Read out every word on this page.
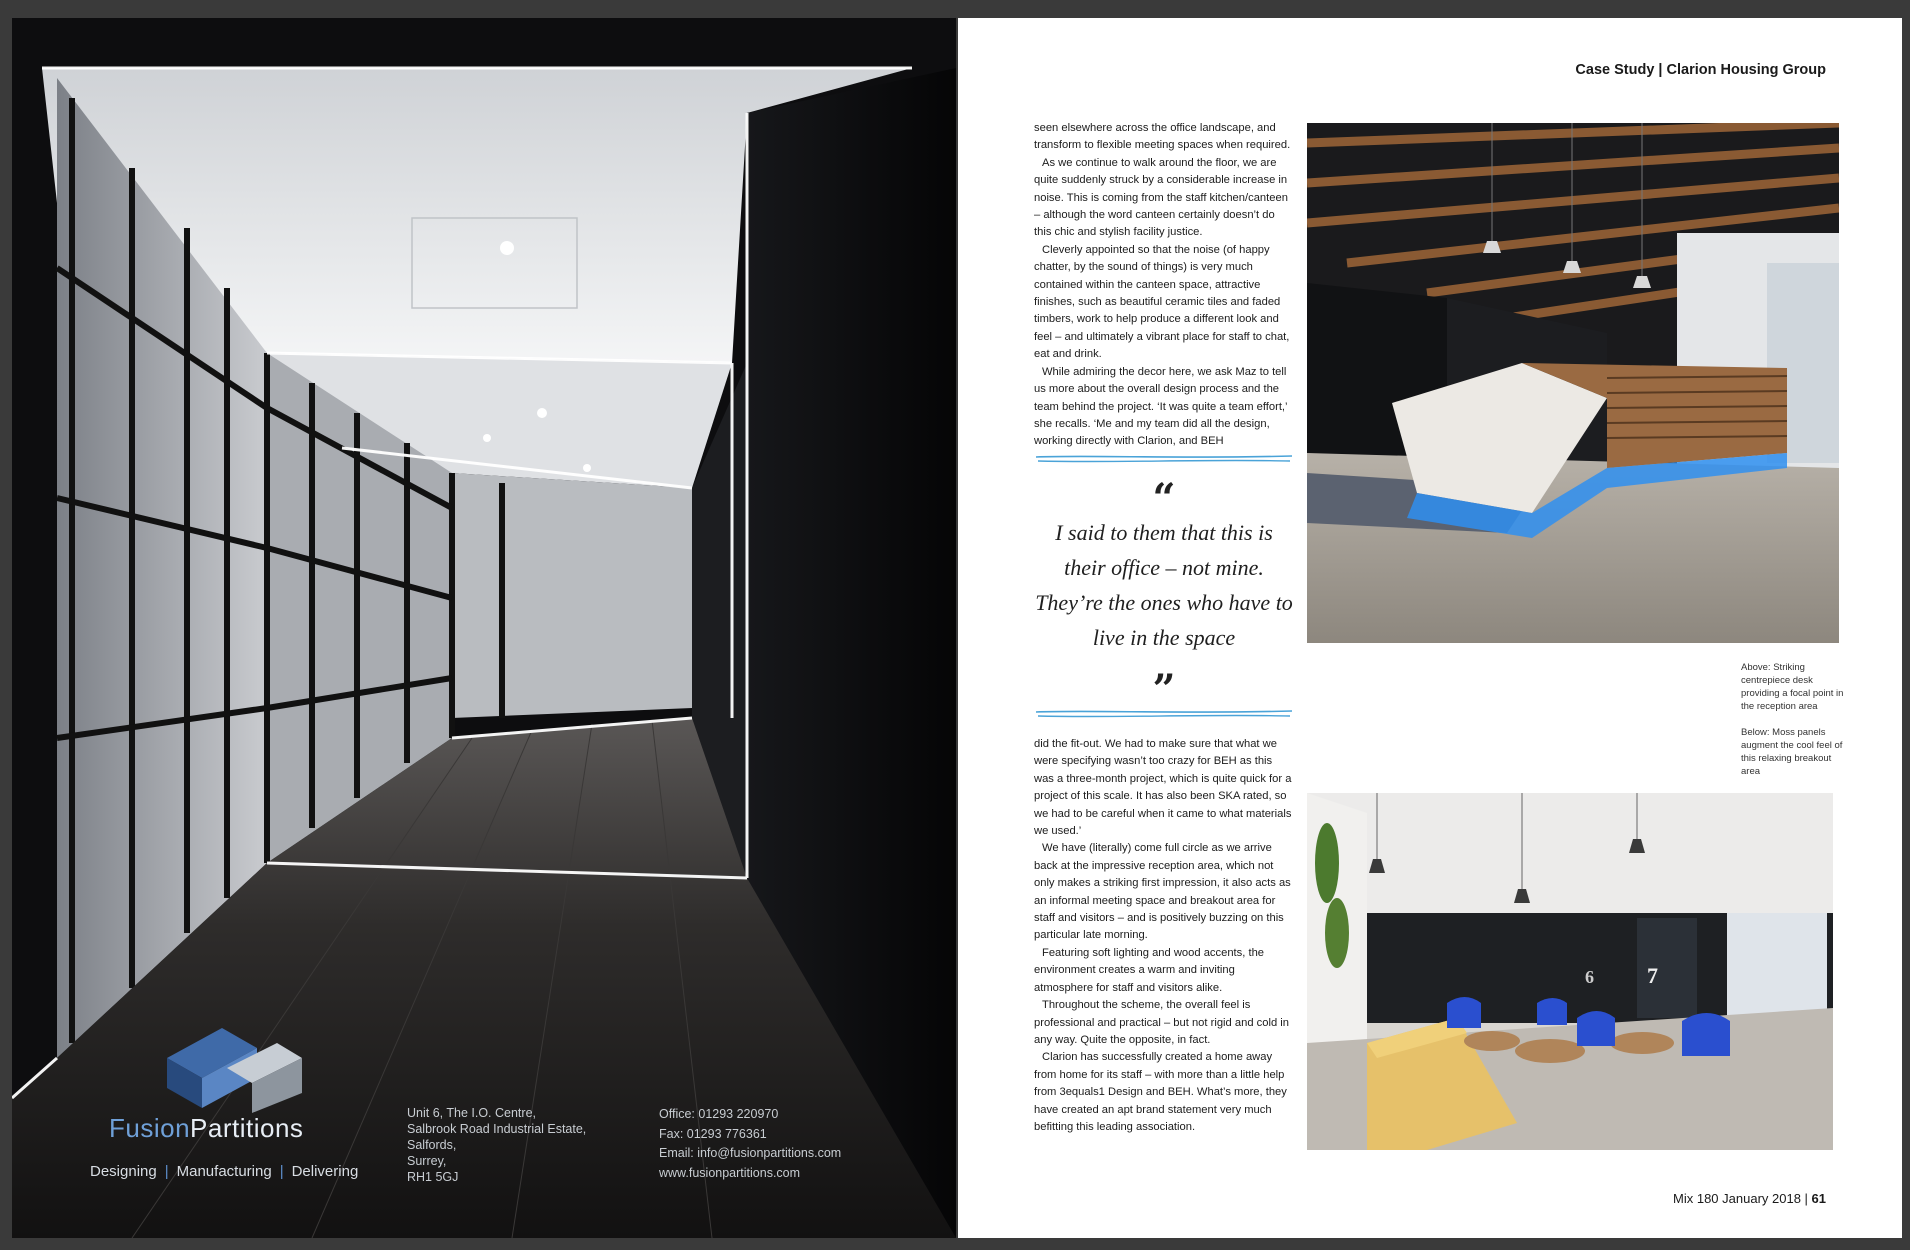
FusionPartitions
Designing | Manufacturing | Delivering
Unit 6, The I.O. Centre,
Salbrook Road Industrial Estate,
Salfords,
Surrey,
RH1 5GJ
Office: 01293 220970
Fax: 01293 776361
Email: info@fusionpartitions.com
www.fusionpartitions.com
Case Study | Clarion Housing Group

seen elsewhere across the office landscape, and transform to flexible meeting spaces when required.

As we continue to walk around the floor, we are quite suddenly struck by a considerable increase in noise. This is coming from the staff kitchen/canteen – although the word canteen certainly doesn’t do this chic and stylish facility justice.

Cleverly appointed so that the noise (of happy chatter, by the sound of things) is very much contained within the canteen space, attractive finishes, such as beautiful ceramic tiles and faded timbers, work to help produce a different look and feel – and ultimately a vibrant place for staff to chat, eat and drink.

While admiring the decor here, we ask Maz to tell us more about the overall design process and the team behind the project. ‘It was quite a team effort,’ she recalls. ‘Me and my team did all the design, working directly with Clarion, and BEH

“
I said to them that this is their office – not mine. They’re the ones who have to live in the space
”

did the fit-out. We had to make sure that what we were specifying wasn’t too crazy for BEH as this was a three-month project, which is quite quick for a project of this scale. It has also been SKA rated, so we had to be careful when it came to what materials we used.’

We have (literally) come full circle as we arrive back at the impressive reception area, which not only makes a striking first impression, it also acts as an informal meeting space and breakout area for staff and visitors – and is positively buzzing on this particular late morning.

Featuring soft lighting and wood accents, the environment creates a warm and inviting atmosphere for staff and visitors alike.

Throughout the scheme, the overall feel is professional and practical – but not rigid and cold in any way. Quite the opposite, in fact.

Clarion has successfully created a home away from home for its staff – with more than a little help from 3equals1 Design and BEH. What’s more, they have created an apt brand statement very much befitting this leading association.

Above: Striking centrepiece desk providing a focal point in the reception area

Below: Moss panels augment the cool feel of this relaxing breakout area

7
6
Mix 180 January 2018 | 61
